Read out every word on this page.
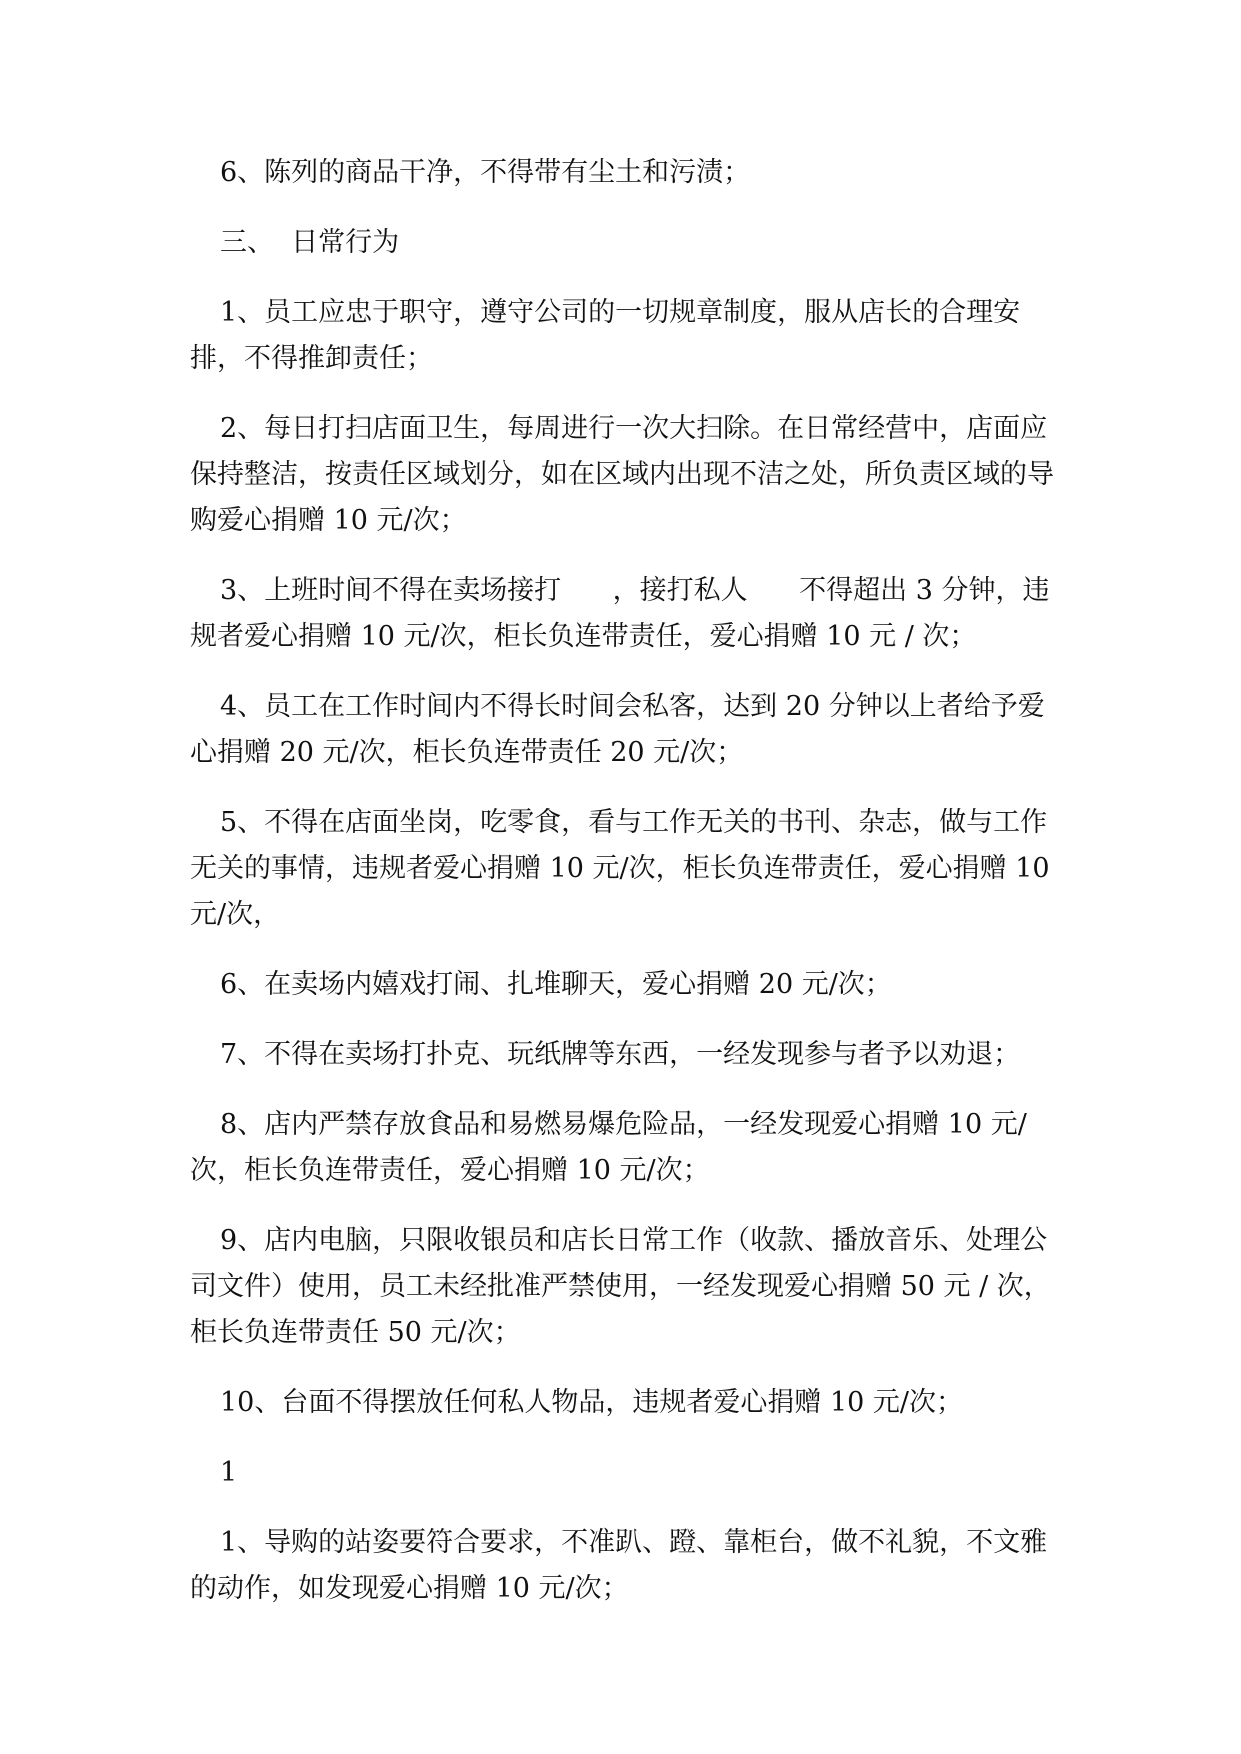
6、陈列的商品干净，不得带有尘土和污渍；

三、  日常行为

1、员工应忠于职守，遵守公司的一切规章制度，服从店长的合理安排，不得推卸责任；

2、每日打扫店面卫生，每周进行一次大扫除。在日常经营中，店面应保持整洁，按责任区域划分，如在区域内出现不洁之处，所负责区域的导购爱心捐赠 10 元/次；

3、上班时间不得在卖场接打      ，接打私人      不得超出 3 分钟，违规者爱心捐赠 10 元/次，柜长负连带责任，爱心捐赠 10 元 / 次；

4、员工在工作时间内不得长时间会私客，达到 20 分钟以上者给予爱心捐赠 20 元/次，柜长负连带责任 20 元/次；

5、不得在店面坐岗，吃零食，看与工作无关的书刊、杂志，做与工作无关的事情，违规者爱心捐赠 10 元/次，柜长负连带责任，爱心捐赠 10 元/次，

6、在卖场内嬉戏打闹、扎堆聊天，爱心捐赠 20 元/次；

7、不得在卖场打扑克、玩纸牌等东西，一经发现参与者予以劝退；

8、店内严禁存放食品和易燃易爆危险品，一经发现爱心捐赠 10 元/次，柜长负连带责任，爱心捐赠 10 元/次；

9、店内电脑，只限收银员和店长日常工作（收款、播放音乐、处理公司文件）使用，员工未经批准严禁使用，一经发现爱心捐赠 50 元 / 次，柜长负连带责任 50 元/次；

10、台面不得摆放任何私人物品，违规者爱心捐赠 10 元/次；

1

1、导购的站姿要符合要求，不准趴、蹬、靠柜台，做不礼貌，不文雅的动作，如发现爱心捐赠 10 元/次；
